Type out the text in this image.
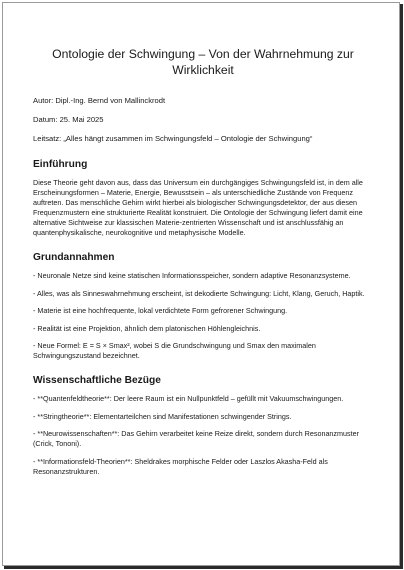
Ontologie der Schwingung – Von der Wahrnehmung zur Wirklichkeit

Autor: Dipl.-Ing. Bernd von Mallinckrodt

Datum: 25. Mai 2025

Leitsatz: „Alles hängt zusammen im Schwingungsfeld – Ontologie der Schwingung“

Einführung

Diese Theorie geht davon aus, dass das Universum ein durchgängiges Schwingungsfeld ist, in dem alle Erscheinungsformen – Materie, Energie, Bewusstsein – als unterschiedliche Zustände von Frequenz auftreten. Das menschliche Gehirn wirkt hierbei als biologischer Schwingungsdetektor, der aus diesen Frequenzmustern eine strukturierte Realität konstruiert. Die Ontologie der Schwingung liefert damit eine alternative Sichtweise zur klassischen Materie-zentrierten Wissenschaft und ist anschlussfähig an quantenphysikalische, neurokognitive und metaphysische Modelle.

Grundannahmen

- Neuronale Netze sind keine statischen Informationsspeicher, sondern adaptive Resonanzsysteme.

- Alles, was als Sinneswahrnehmung erscheint, ist dekodierte Schwingung: Licht, Klang, Geruch, Haptik.

- Materie ist eine hochfrequente, lokal verdichtete Form gefrorener Schwingung.

- Realität ist eine Projektion, ähnlich dem platonischen Höhlengleichnis.

- Neue Formel: E = S × Smax², wobei S die Grundschwingung und Smax den maximalen Schwingungszustand bezeichnet.

Wissenschaftliche Bezüge

- **Quantenfeldtheorie**: Der leere Raum ist ein Nullpunktfeld – gefüllt mit Vakuumschwingungen.

- **Stringtheorie**: Elementarteilchen sind Manifestationen schwingender Strings.

- **Neurowissenschaften**: Das Gehirn verarbeitet keine Reize direkt, sondern durch Resonanzmuster (Crick, Tononi).

- **Informationsfeld-Theorien**: Sheldrakes morphische Felder oder Laszlos Akasha-Feld als Resonanzstrukturen.
